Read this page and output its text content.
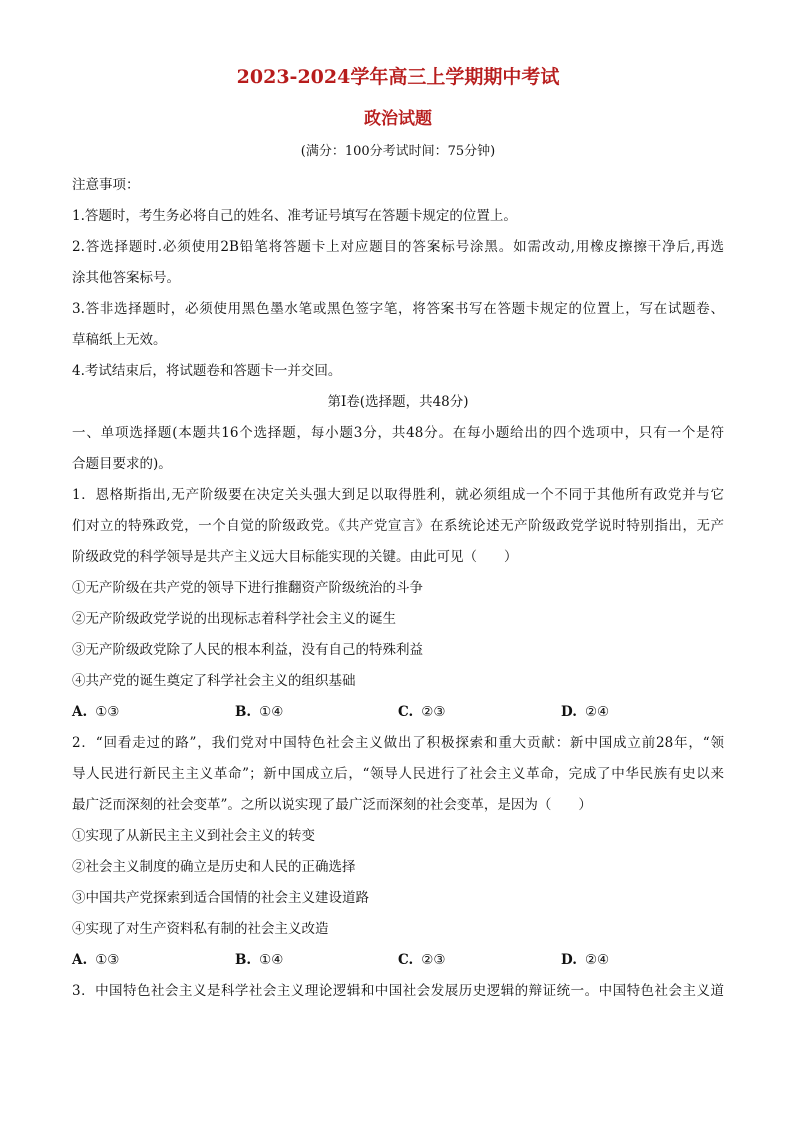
2023-2024学年高三上学期期中考试
政治试题

(满分：100分考试时间：75分钟)

注意事项：

1.答题时，考生务必将自己的姓名、准考证号填写在答题卡规定的位置上。

2.答选择题时.必须使用2B铅笔将答题卡上对应题目的答案标号涂黑。如需改动,用橡皮擦擦干净后,再选

涂其他答案标号。

3.答非选择题时，必须使用黑色墨水笔或黑色签字笔，将答案书写在答题卡规定的位置上，写在试题卷、

草稿纸上无效。

4.考试结束后，将试题卷和答题卡一并交回。

第I卷(选择题，共48分)

一、单项选择题(本题共16个选择题，每小题3分，共48分。在每小题给出的四个选项中，只有一个是符

合题目要求的)。

1．恩格斯指出,无产阶级要在决定关头强大到足以取得胜利，就必须组成一个不同于其他所有政党并与它

们对立的特殊政党，一个自觉的阶级政党。《共产党宣言》在系统论述无产阶级政党学说时特别指出，无产

阶级政党的科学领导是共产主义远大目标能实现的关键。由此可见（　　）

①无产阶级在共产党的领导下进行推翻资产阶级统治的斗争

②无产阶级政党学说的出现标志着科学社会主义的诞生

③无产阶级政党除了人民的根本利益，没有自己的特殊利益

④共产党的诞生奠定了科学社会主义的组织基础

A. ①③	B. ①④	C. ②③	D. ②④

2．“回看走过的路”，我们党对中国特色社会主义做出了积极探索和重大贡献：新中国成立前28年，“领

导人民进行新民主主义革命”；新中国成立后，“领导人民进行了社会主义革命，完成了中华民族有史以来

最广泛而深刻的社会变革”。之所以说实现了最广泛而深刻的社会变革，是因为（　　）

①实现了从新民主主义到社会主义的转变

②社会主义制度的确立是历史和人民的正确选择

③中国共产党探索到适合国情的社会主义建设道路

④实现了对生产资料私有制的社会主义改造

A. ①③	B. ①④	C. ②③	D. ②④

3．中国特色社会主义是科学社会主义理论逻辑和中国社会发展历史逻辑的辩证统一。中国特色社会主义道
